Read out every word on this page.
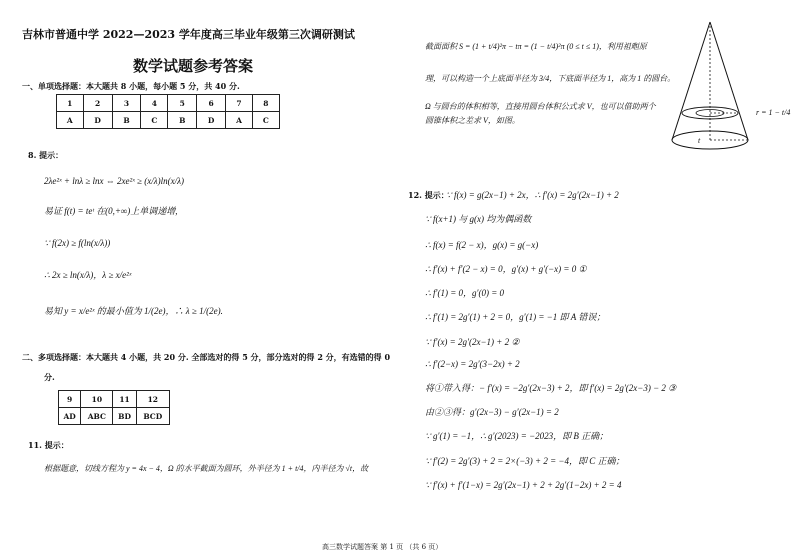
吉林市普通中学 2022—2023 学年度高三毕业年级第三次调研测试
数学试题参考答案
一、单项选择题：本大题共 8 小题，每小题 5 分，共 40 分.
1	2	3	4	5	6	7	8
A	D	B	C	B	D	A	C
8. 提示：
2λe²ˣ + lnλ ≥ lnx ⇔ 2xe²ˣ ≥ (x/λ)ln(x/λ)
易证 f(t) = teᵗ 在(0,+∞)上单调递增,
∵ f(2x) ≥ f(ln(x/λ))
∴ 2x ≥ ln(x/λ)，λ ≥ x/e²ˣ
易知 y = x/e²ˣ 的最小值为 1/(2e)，∴ λ ≥ 1/(2e).
二、多项选择题：本大题共 4 小题，共 20 分. 全部选对的得 5 分，部分选对的得 2 分，有选错的得 0
分.
9	10	11	12
AD	ABC	BD	BCD
11. 提示：
根据题意，切线方程为 y = 4x − 4，Ω 的水平截面为圆环，外半径为 1 + t/4，内半径为 √t，故
截面面积 S = (1 + t/4)²π − tπ = (1 − t/4)²π (0 ≤ t ≤ 1)，利用祖暅原
理，可以构造一个上底面半径为 3/4，下底面半径为 1，高为 1 的圆台。
Ω 与圆台的体积相等，直接用圆台体积公式求 V，也可以借助两个
圆锥体积之差求 V，如图。
r = 1 − t/4
t
12. 提示：
∵ f(x) = g(2x−1) + 2x，∴ f′(x) = 2g′(2x−1) + 2
∵ f(x+1) 与 g(x) 均为偶函数
∴ f(x) = f(2 − x)，g(x) = g(−x)
∴ f′(x) + f′(2 − x) = 0，g′(x) + g′(−x) = 0 ①
∴ f′(1) = 0，g′(0) = 0
∴ f′(1) = 2g′(1) + 2 = 0，g′(1) = −1 即 A 错误；
∵ f′(x) = 2g′(2x−1) + 2 ②
∴ f′(2−x) = 2g′(3−2x) + 2
将①带入得：− f′(x) = −2g′(2x−3) + 2，即 f′(x) = 2g′(2x−3) − 2 ③
由②③得：g′(2x−3) − g′(2x−1) = 2
∵ g′(1) = −1，∴ g′(2023) = −2023，即 B 正确；
∵ f′(2) = 2g′(3) + 2 = 2×(−3) + 2 = −4，即 C 正确；
∵ f′(x) + f′(1−x) = 2g′(2x−1) + 2 + 2g′(1−2x) + 2 = 4
高三数学试题答案 第 1 页 （共 6 页）
